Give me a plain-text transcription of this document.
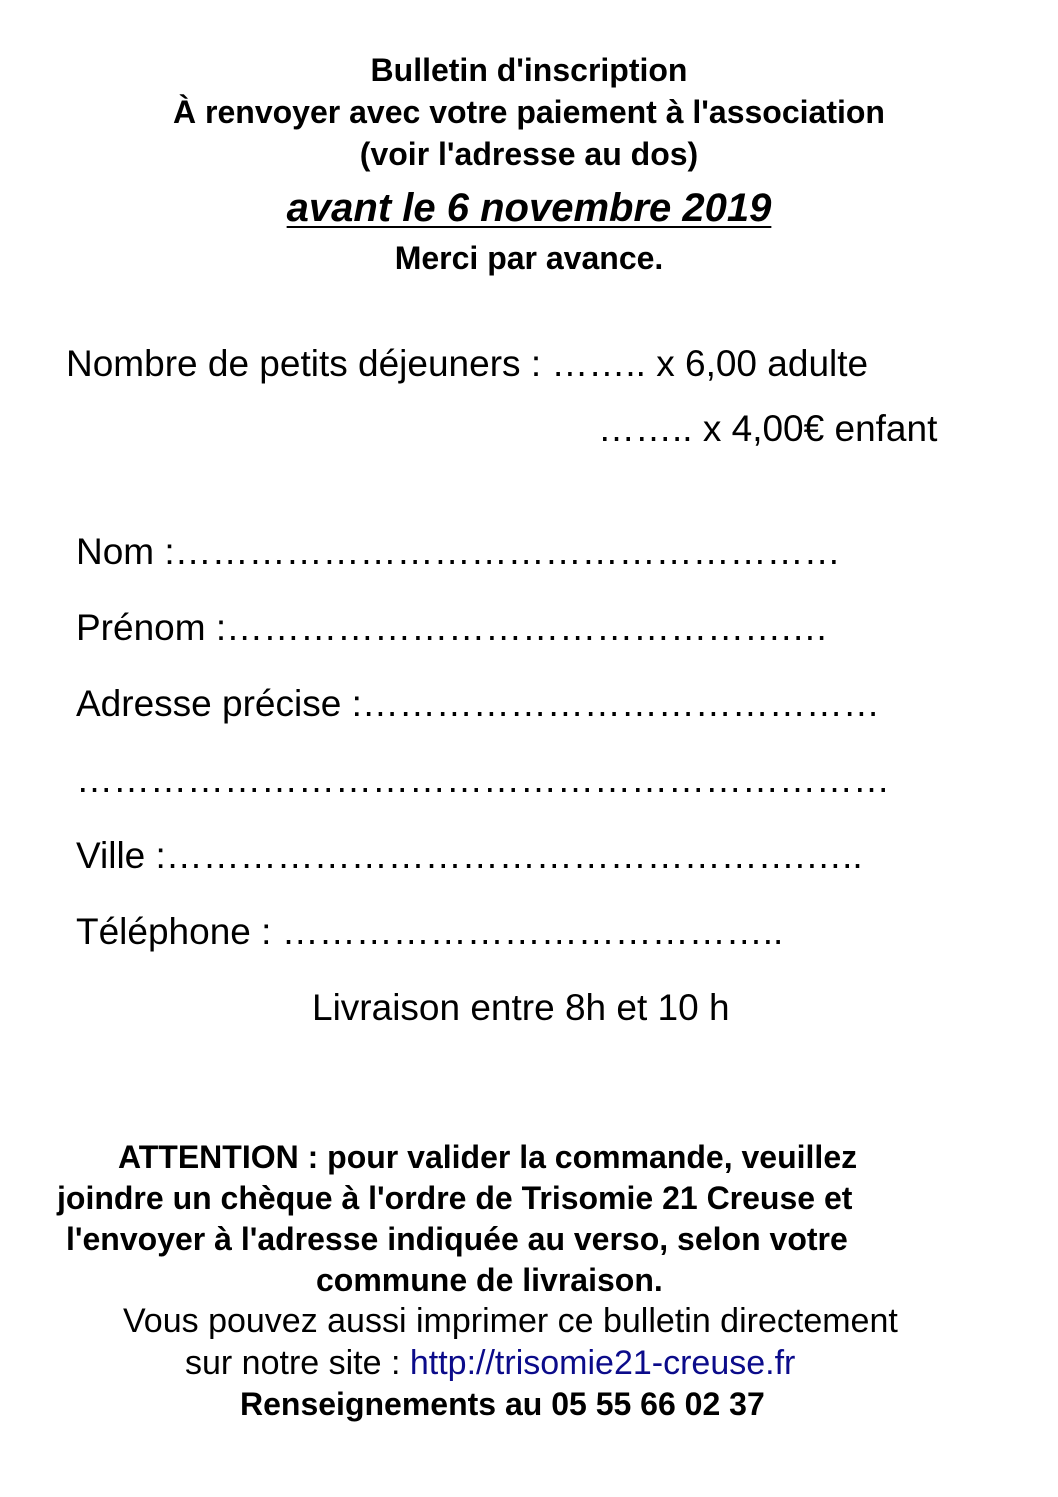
Bulletin d'inscription
À renvoyer avec votre paiement à l'association
(voir l'adresse au dos)
avant le 6 novembre 2019
Merci par avance.
Nombre de petits déjeuners : …….. x 6,00 adulte
…….. x 4,00€ enfant
Nom :………………………………………………
Prénom :……………………………………….…
Adresse précise :……………………………………
…………………………………………………………
Ville :…………………………………………….…..
Téléphone : …………………………………..
Livraison entre 8h et 10 h
ATTENTION : pour valider la commande, veuillez
joindre un chèque à l'ordre de Trisomie 21 Creuse et
l'envoyer à l'adresse indiquée au verso, selon votre
commune de livraison.
Vous pouvez aussi imprimer ce bulletin directement
sur notre site : http://trisomie21-creuse.fr
Renseignements au 05 55 66 02 37
